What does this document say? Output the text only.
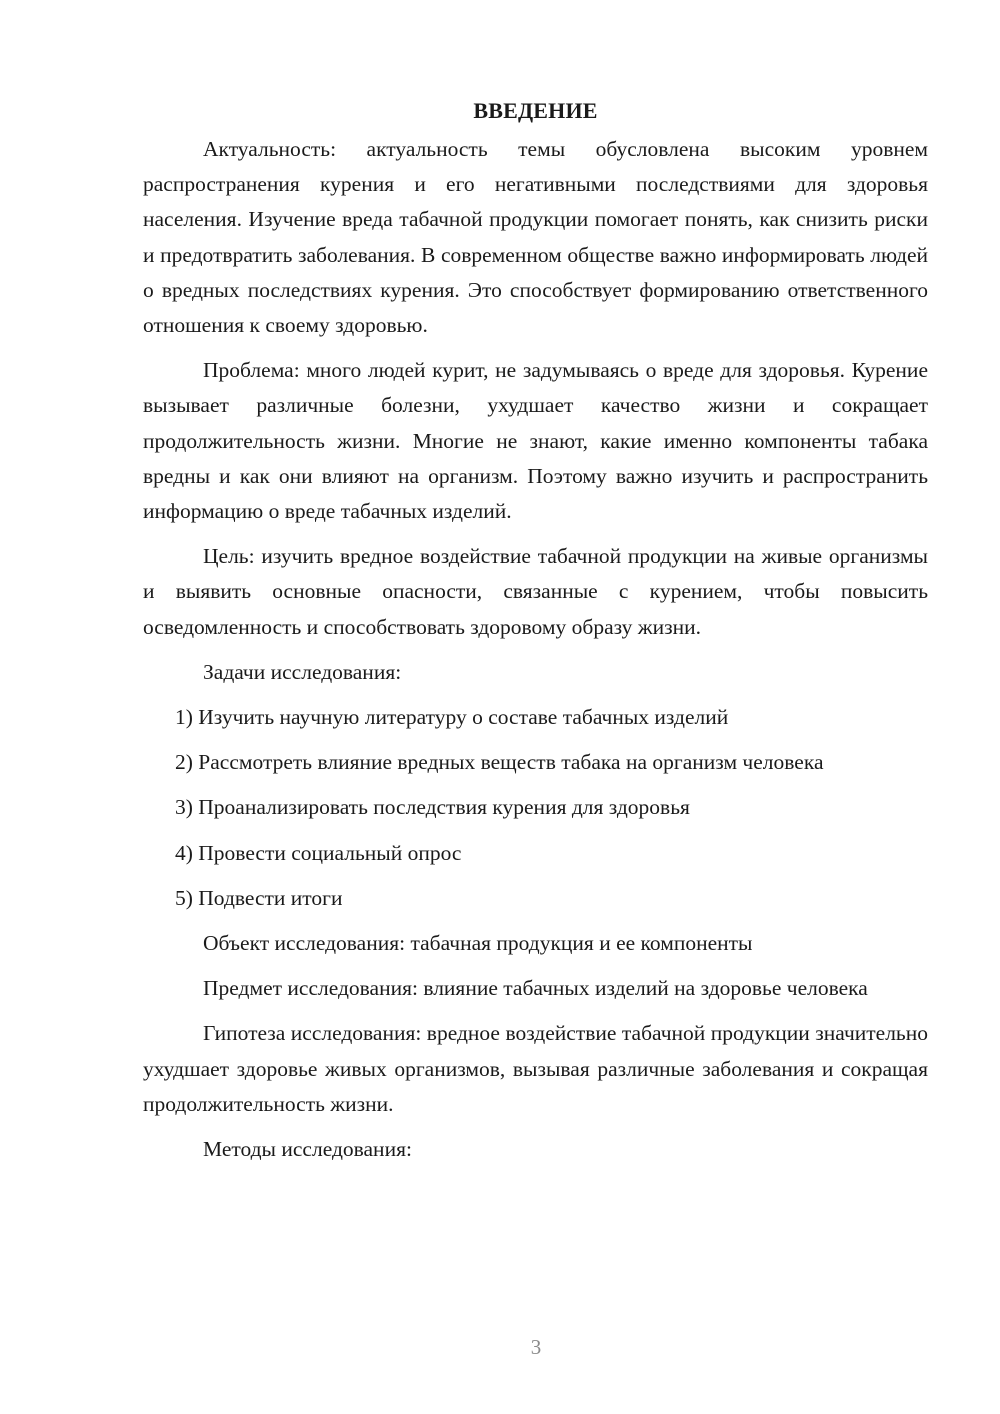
ВВЕДЕНИЕ

Актуальность: актуальность темы обусловлена высоким уровнем распространения курения и его негативными последствиями для здоровья населения. Изучение вреда табачной продукции помогает понять, как снизить риски и предотвратить заболевания. В современном обществе важно информировать людей о вредных последствиях курения. Это способствует формированию ответственного отношения к своему здоровью.

Проблема: много людей курит, не задумываясь о вреде для здоровья. Курение вызывает различные болезни, ухудшает качество жизни и сокращает продолжительность жизни. Многие не знают, какие именно компоненты табака вредны и как они влияют на организм. Поэтому важно изучить и распространить информацию о вреде табачных изделий.

Цель: изучить вредное воздействие табачной продукции на живые организмы и выявить основные опасности, связанные с курением, чтобы повысить осведомленность и способствовать здоровому образу жизни.

Задачи исследования:

1) Изучить научную литературу о составе табачных изделий
2) Рассмотреть влияние вредных веществ табака на организм человека
3) Проанализировать последствия курения для здоровья
4) Провести социальный опрос
5) Подвести итоги

Объект исследования: табачная продукция и ее компоненты

Предмет исследования: влияние табачных изделий на здоровье человека

Гипотеза исследования: вредное воздействие табачной продукции значительно ухудшает здоровье живых организмов, вызывая различные заболевания и сокращая продолжительность жизни.

Методы исследования:

3
